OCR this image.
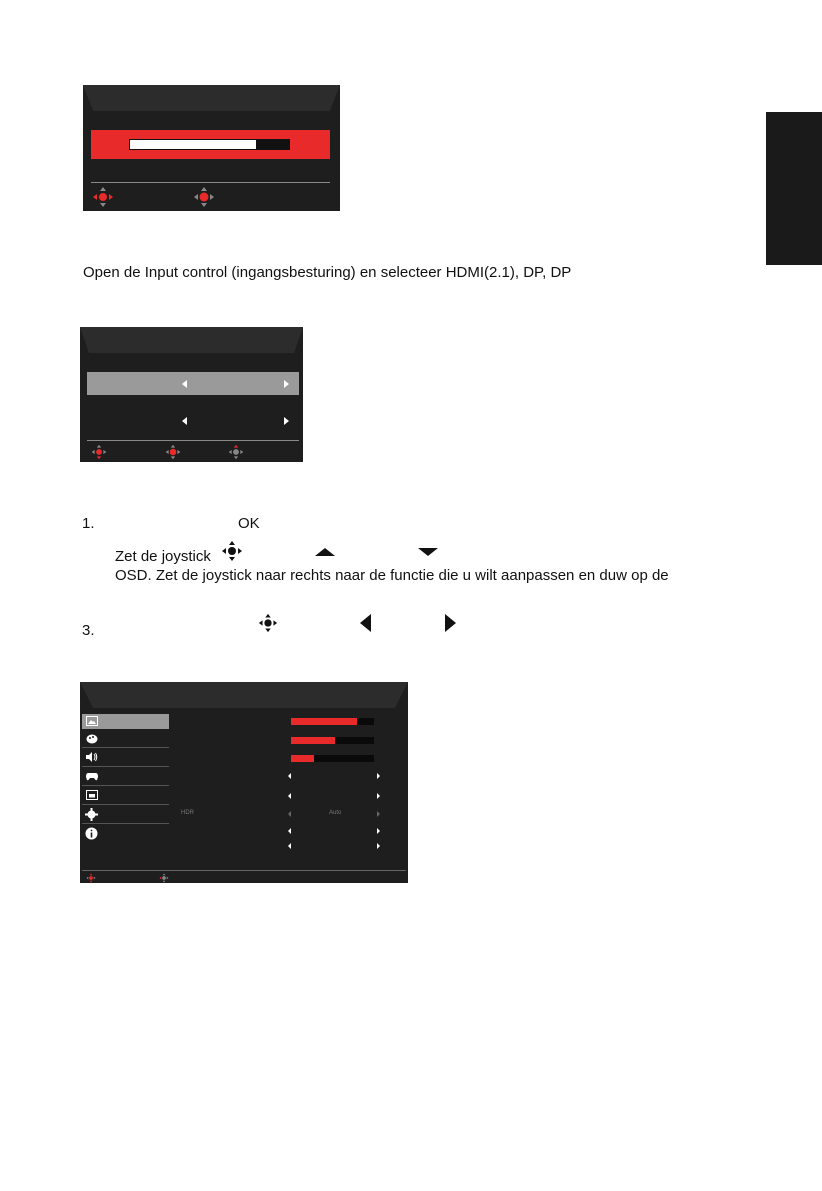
Open de Input control (ingangsbesturing) en selecteer HDMI(2.1), DP, DP
1.	OK
Zet de joystick
OSD. Zet de joystick naar rechts naar de functie die u wilt aanpassen en duw op de
3.
HDR	Auto
